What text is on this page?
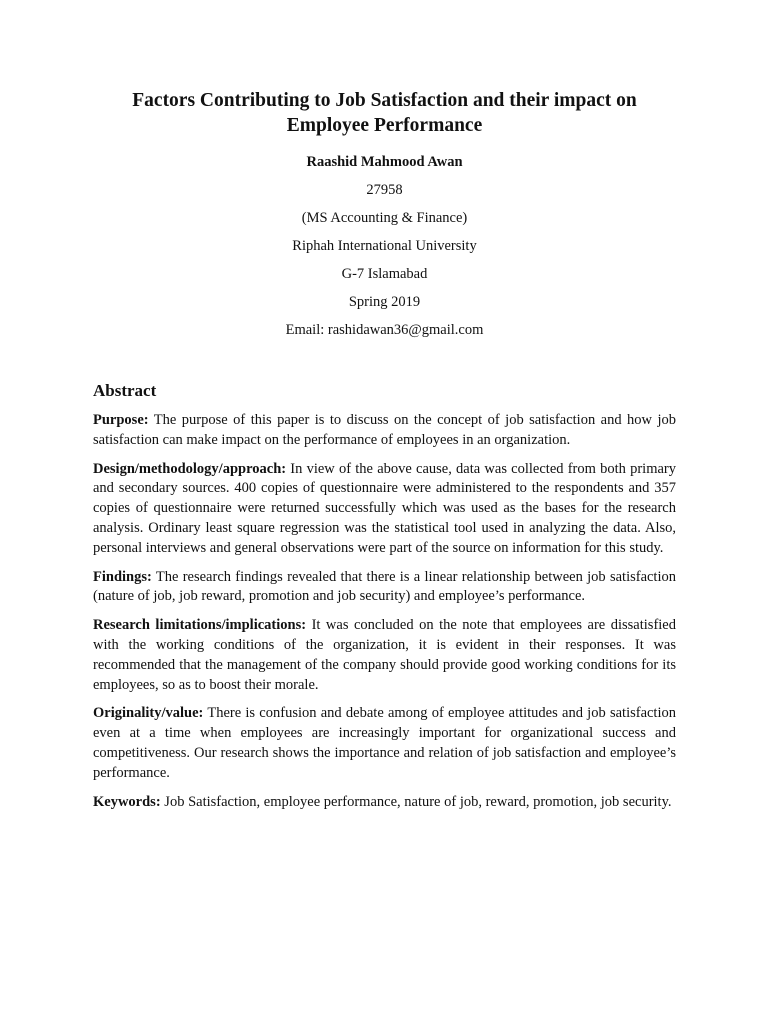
Factors Contributing to Job Satisfaction and their impact on
Employee Performance
Raashid Mahmood Awan
27958
(MS Accounting & Finance)
Riphah International University
G-7 Islamabad
Spring 2019
Email: rashidawan36@gmail.com
Abstract

Purpose: The purpose of this paper is to discuss on the concept of job satisfaction and how job satisfaction can make impact on the performance of employees in an organization.

Design/methodology/approach: In view of the above cause, data was collected from both primary and secondary sources. 400 copies of questionnaire were administered to the respondents and 357 copies of questionnaire were returned successfully which was used as the bases for the research analysis. Ordinary least square regression was the statistical tool used in analyzing the data. Also, personal interviews and general observations were part of the source on information for this study.

Findings: The research findings revealed that there is a linear relationship between job satisfaction (nature of job, job reward, promotion and job security) and employee’s performance.

Research limitations/implications: It was concluded on the note that employees are dissatisfied with the working conditions of the organization, it is evident in their responses. It was recommended that the management of the company should provide good working conditions for its employees, so as to boost their morale.

Originality/value: There is confusion and debate among of employee attitudes and job satisfaction even at a time when employees are increasingly important for organizational success and competitiveness. Our research shows the importance and relation of job satisfaction and employee’s performance.

Keywords: Job Satisfaction, employee performance, nature of job, reward, promotion, job security.
